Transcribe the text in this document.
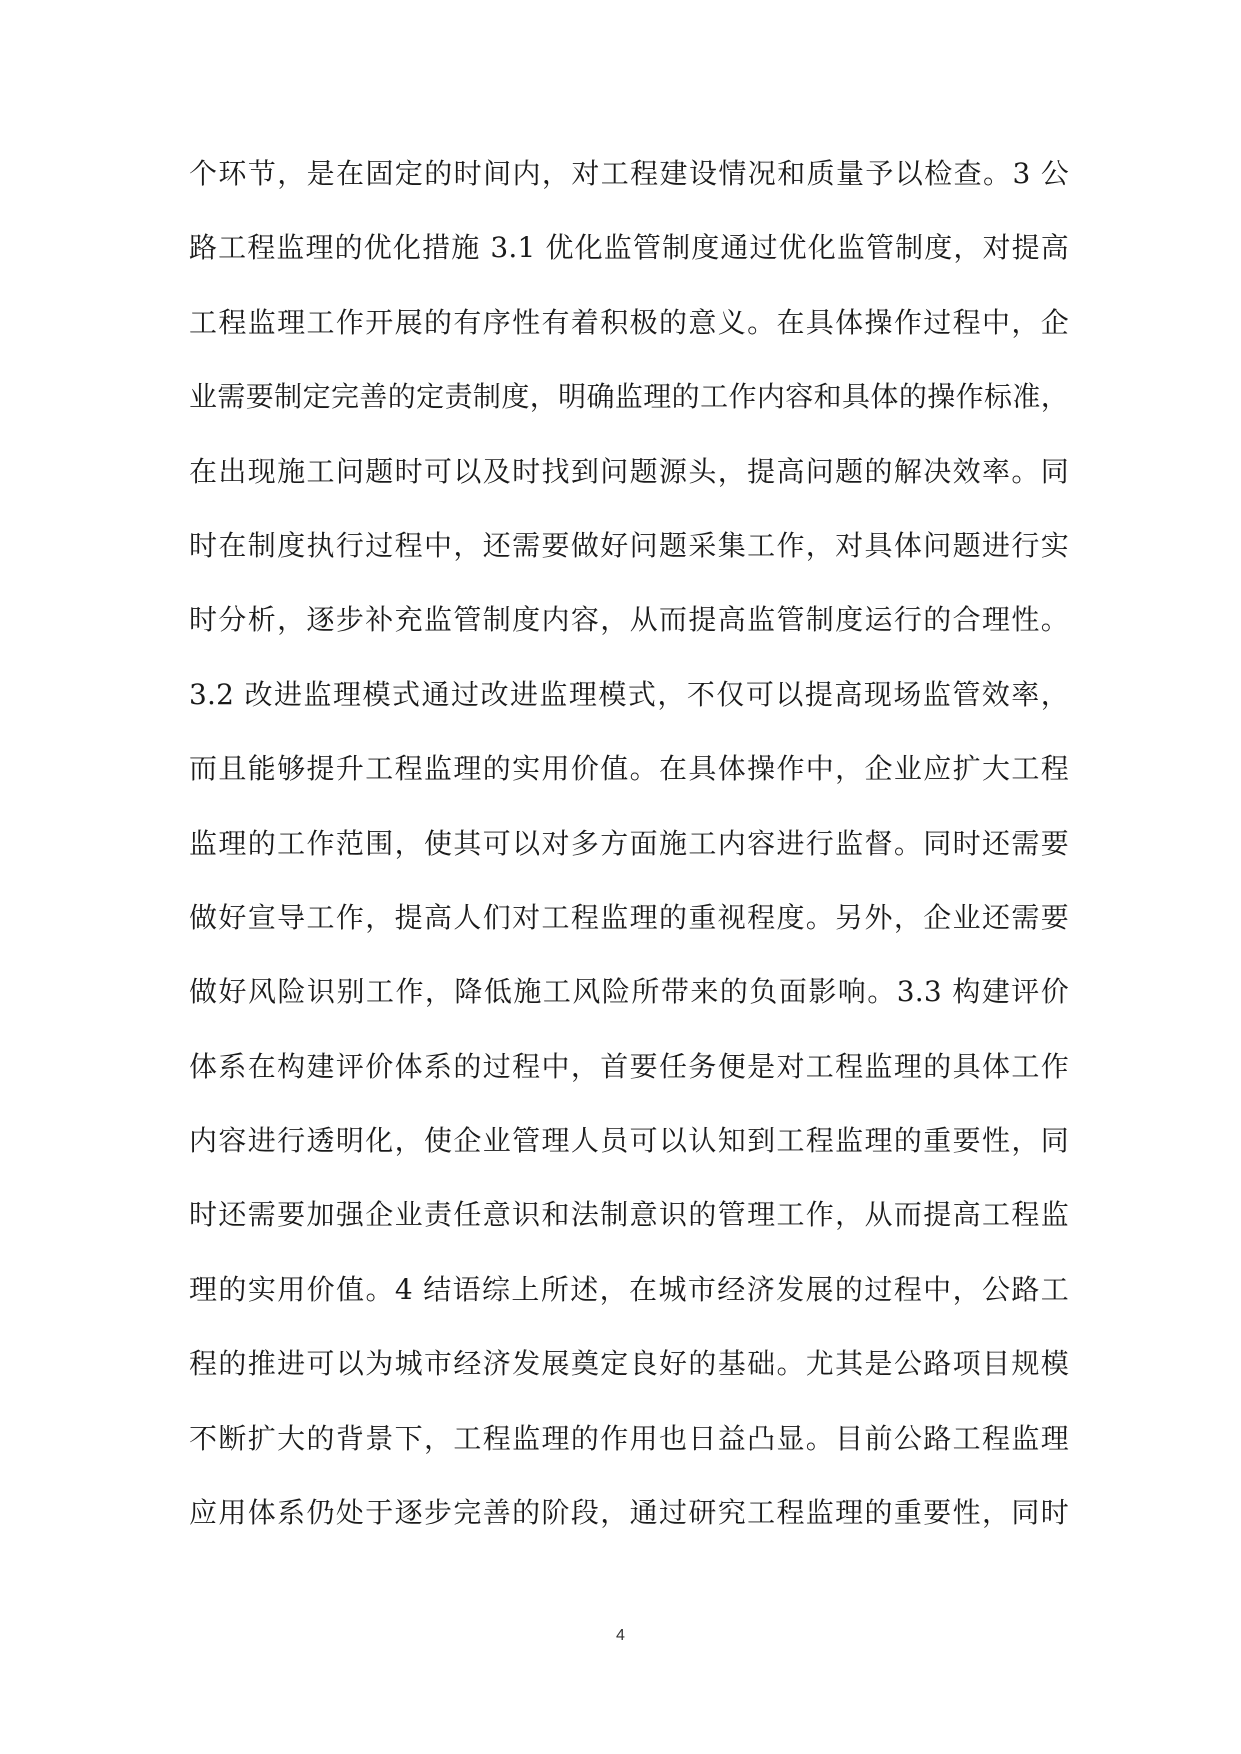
个环节，是在固定的时间内，对工程建设情况和质量予以检查。3 公
路工程监理的优化措施 3.1 优化监管制度通过优化监管制度，对提高
工程监理工作开展的有序性有着积极的意义。在具体操作过程中，企
业需要制定完善的定责制度，明确监理的工作内容和具体的操作标准，
在出现施工问题时可以及时找到问题源头，提高问题的解决效率。同
时在制度执行过程中，还需要做好问题采集工作，对具体问题进行实
时分析，逐步补充监管制度内容，从而提高监管制度运行的合理性。
3.2 改进监理模式通过改进监理模式，不仅可以提高现场监管效率，
而且能够提升工程监理的实用价值。在具体操作中，企业应扩大工程
监理的工作范围，使其可以对多方面施工内容进行监督。同时还需要
做好宣导工作，提高人们对工程监理的重视程度。另外，企业还需要
做好风险识别工作，降低施工风险所带来的负面影响。3.3 构建评价
体系在构建评价体系的过程中，首要任务便是对工程监理的具体工作
内容进行透明化，使企业管理人员可以认知到工程监理的重要性，同
时还需要加强企业责任意识和法制意识的管理工作，从而提高工程监
理的实用价值。4 结语综上所述，在城市经济发展的过程中，公路工
程的推进可以为城市经济发展奠定良好的基础。尤其是公路项目规模
不断扩大的背景下，工程监理的作用也日益凸显。目前公路工程监理
应用体系仍处于逐步完善的阶段，通过研究工程监理的重要性，同时
4
